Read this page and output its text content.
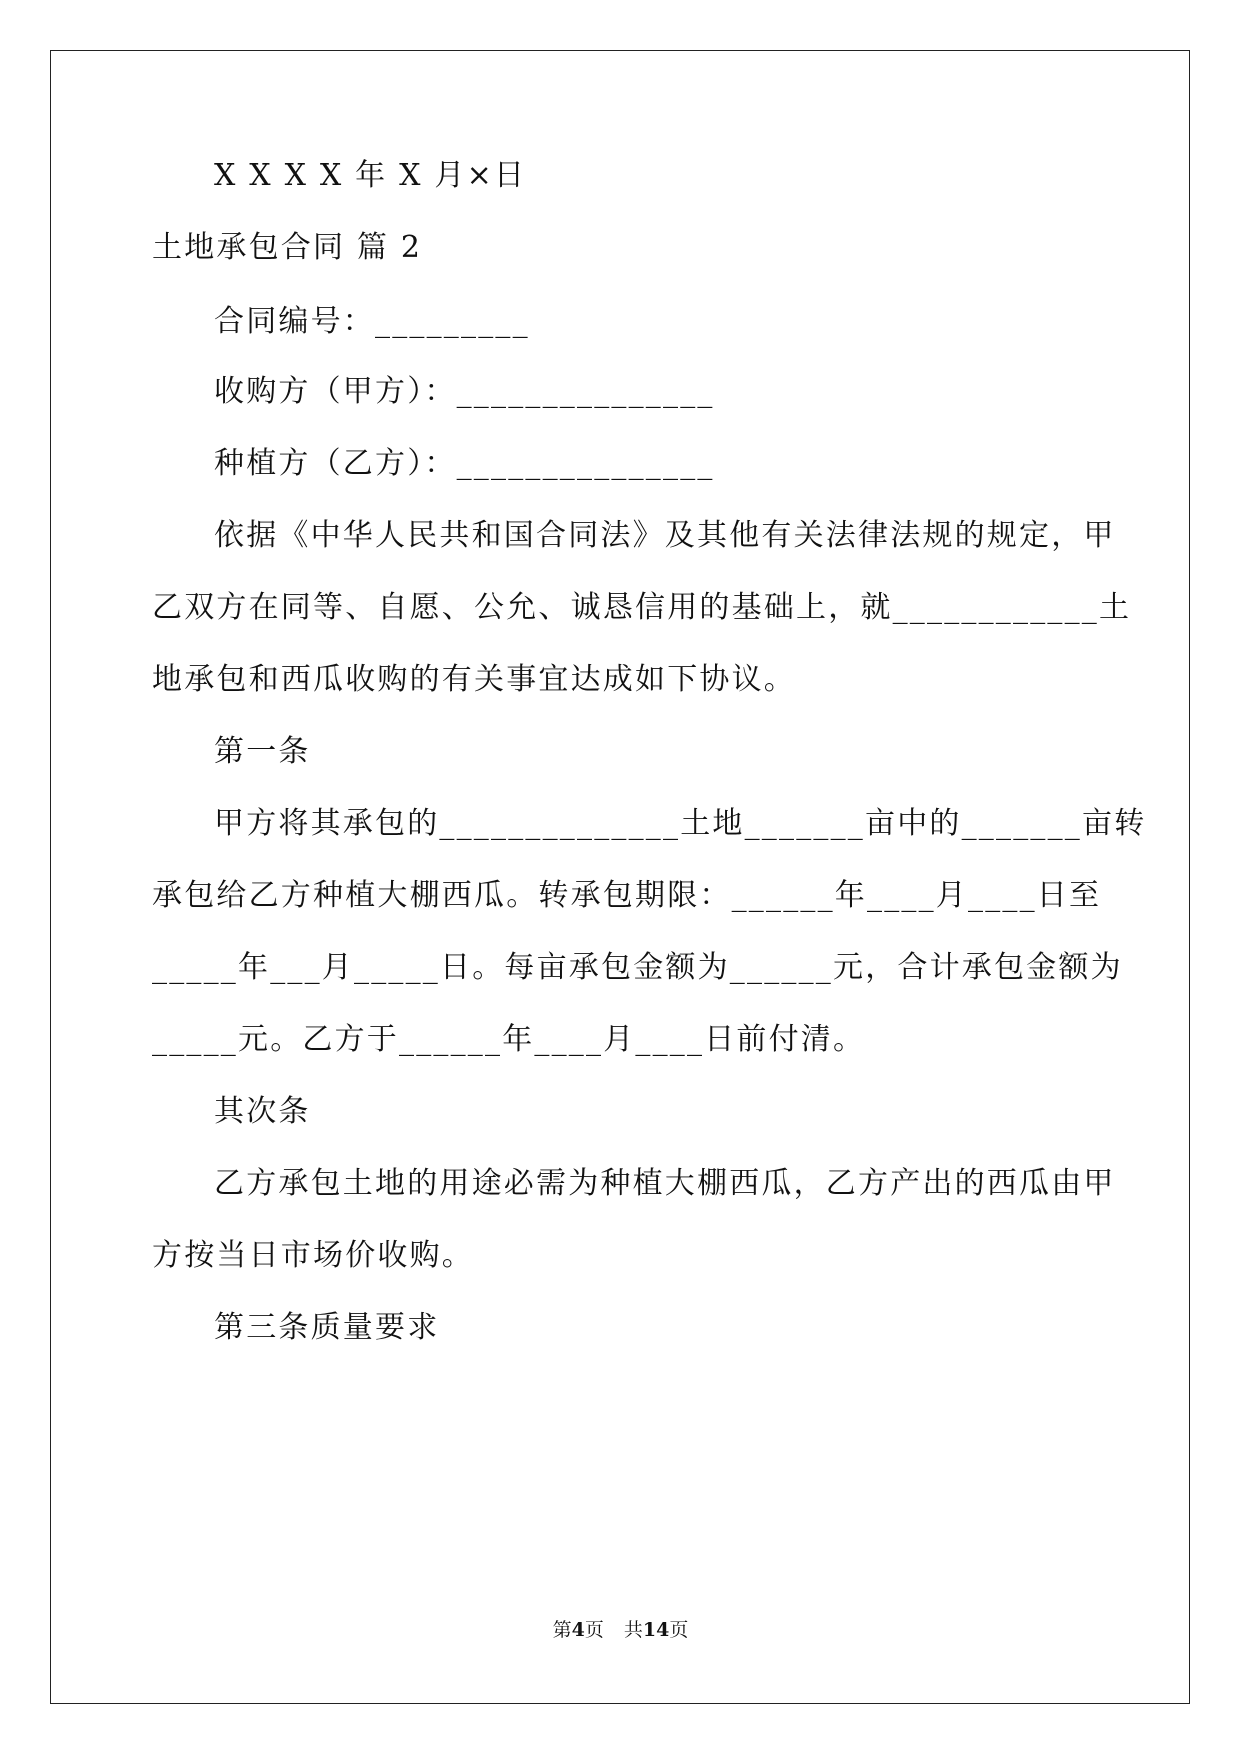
X X X X 年 X 月×日
土地承包合同 篇 2
合同编号：_________
收购方（甲方）：_______________
种植方（乙方）：_______________
依据《中华人民共和国合同法》及其他有关法律法规的规定，甲
乙双方在同等、自愿、公允、诚恳信用的基础上，就____________土
地承包和西瓜收购的有关事宜达成如下协议。
第一条
甲方将其承包的______________土地_______亩中的_______亩转
承包给乙方种植大棚西瓜。转承包期限：______年____月____日至
_____年___月_____日。每亩承包金额为______元，合计承包金额为
_____元。乙方于______年____月____日前付清。
其次条
乙方承包土地的用途必需为种植大棚西瓜，乙方产出的西瓜由甲
方按当日市场价收购。
第三条质量要求
第4页 共14页
